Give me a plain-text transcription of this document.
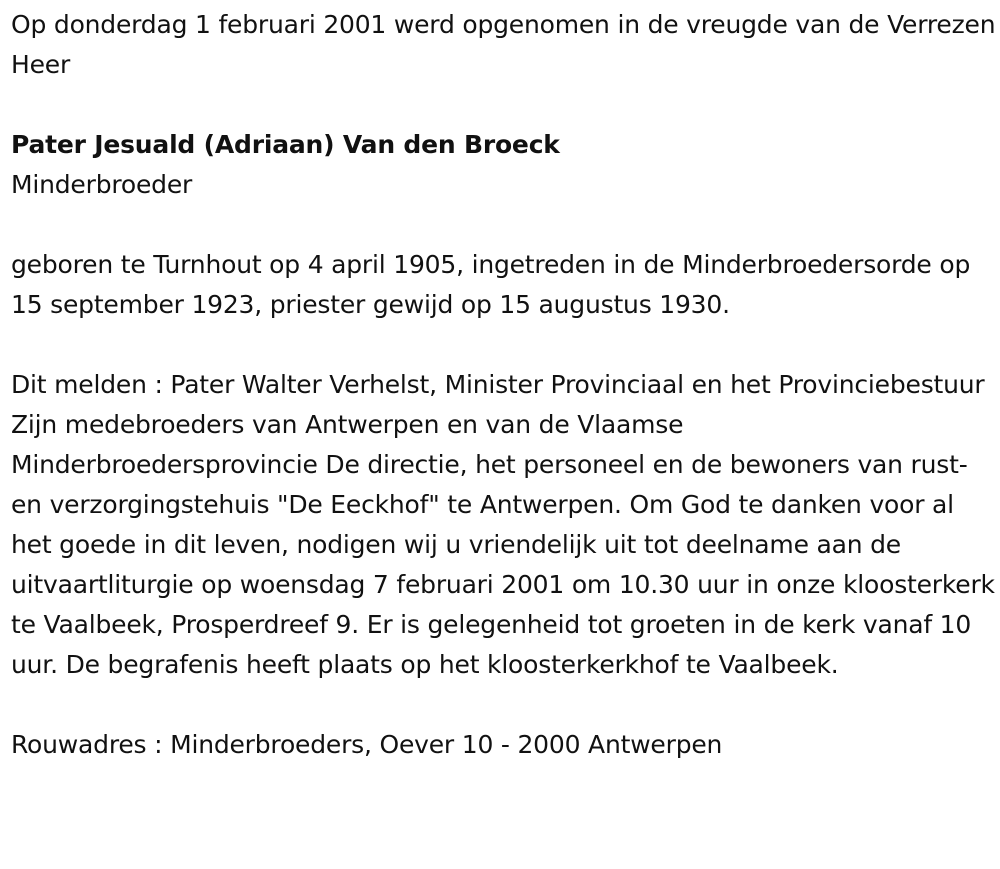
Op donderdag 1 februari 2001 werd opgenomen in de vreugde van de Verrezen Heer

Pater Jesuald (Adriaan) Van den Broeck

Minderbroeder

geboren te Turnhout op 4 april 1905, ingetreden in de Minderbroedersorde op 15 september 1923, priester gewijd op 15 augustus 1930.

Dit melden : Pater Walter Verhelst, Minister Provinciaal en het Provinciebestuur Zijn medebroeders van Antwerpen en van de Vlaamse Minderbroedersprovincie De directie, het personeel en de bewoners van rust-en verzorgingstehuis "De Eeckhof" te Antwerpen. Om God te danken voor al het goede in dit leven, nodigen wij u vriendelijk uit tot deelname aan de uitvaartliturgie op woensdag 7 februari 2001 om 10.30 uur in onze kloosterkerk te Vaalbeek, Prosperdreef 9. Er is gelegenheid tot groeten in de kerk vanaf 10 uur. De begrafenis heeft plaats op het kloosterkerkhof te Vaalbeek.

Rouwadres : Minderbroeders, Oever 10 - 2000 Antwerpen
